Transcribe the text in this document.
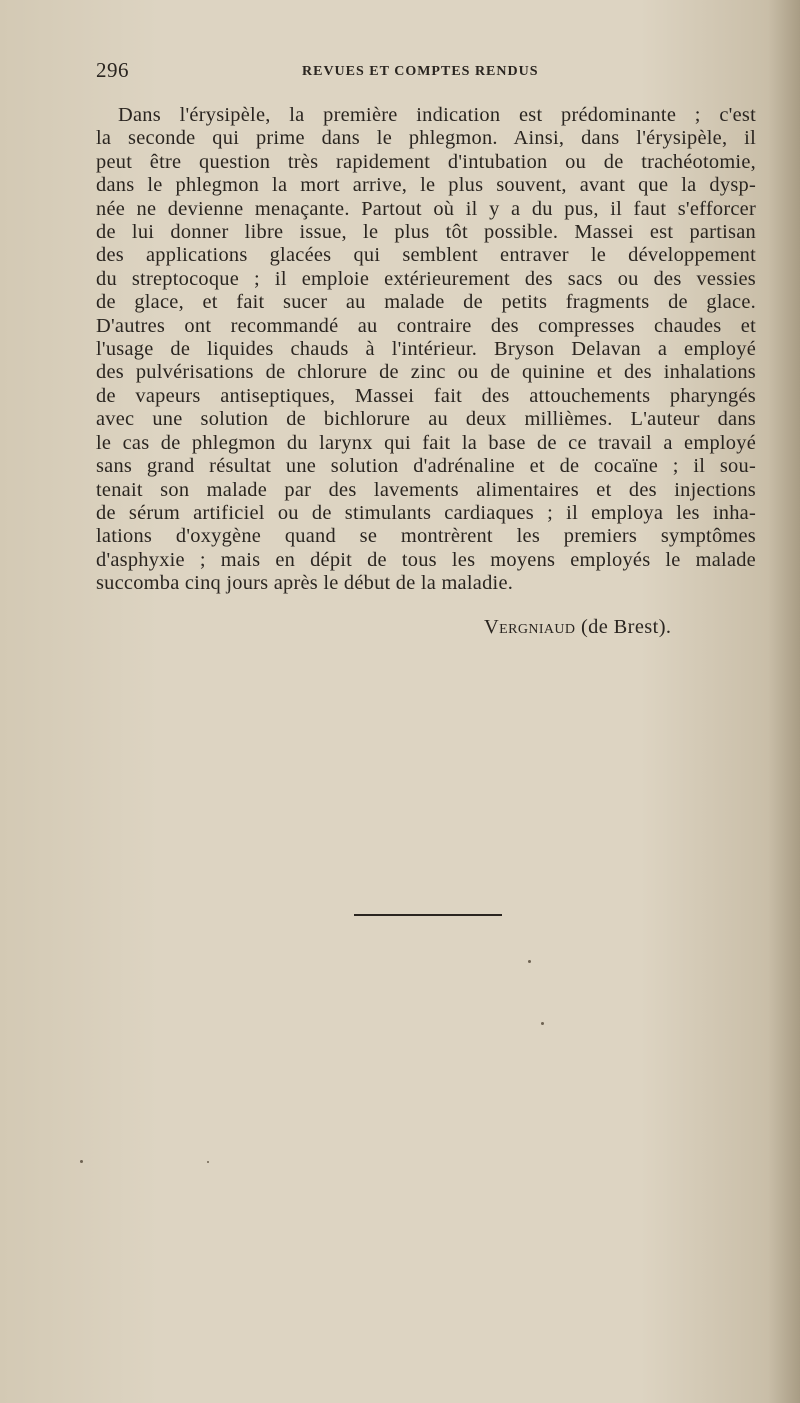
296	REVUES ET COMPTES RENDUS
Dans l'érysipèle, la première indication est prédominante ; c'est
la seconde qui prime dans le phlegmon. Ainsi, dans l'érysipèle, il
peut être question très rapidement d'intubation ou de trachéotomie,
dans le phlegmon la mort arrive, le plus souvent, avant que la dysp-
née ne devienne menaçante. Partout où il y a du pus, il faut s'efforcer
de lui donner libre issue, le plus tôt possible. Massei est partisan
des applications glacées qui semblent entraver le développement
du streptocoque ; il emploie extérieurement des sacs ou des vessies
de glace, et fait sucer au malade de petits fragments de glace.
D'autres ont recommandé au contraire des compresses chaudes et
l'usage de liquides chauds à l'intérieur. Bryson Delavan a employé
des pulvérisations de chlorure de zinc ou de quinine et des inhalations
de vapeurs antiseptiques, Massei fait des attouchements pharyngés
avec une solution de bichlorure au deux millièmes. L'auteur dans
le cas de phlegmon du larynx qui fait la base de ce travail a employé
sans grand résultat une solution d'adrénaline et de cocaïne ; il sou-
tenait son malade par des lavements alimentaires et des injections
de sérum artificiel ou de stimulants cardiaques ; il employa les inha-
lations d'oxygène quand se montrèrent les premiers symptômes
d'asphyxie ; mais en dépit de tous les moyens employés le malade
succomba cinq jours après le début de la maladie.
Vergniaud (de Brest).
